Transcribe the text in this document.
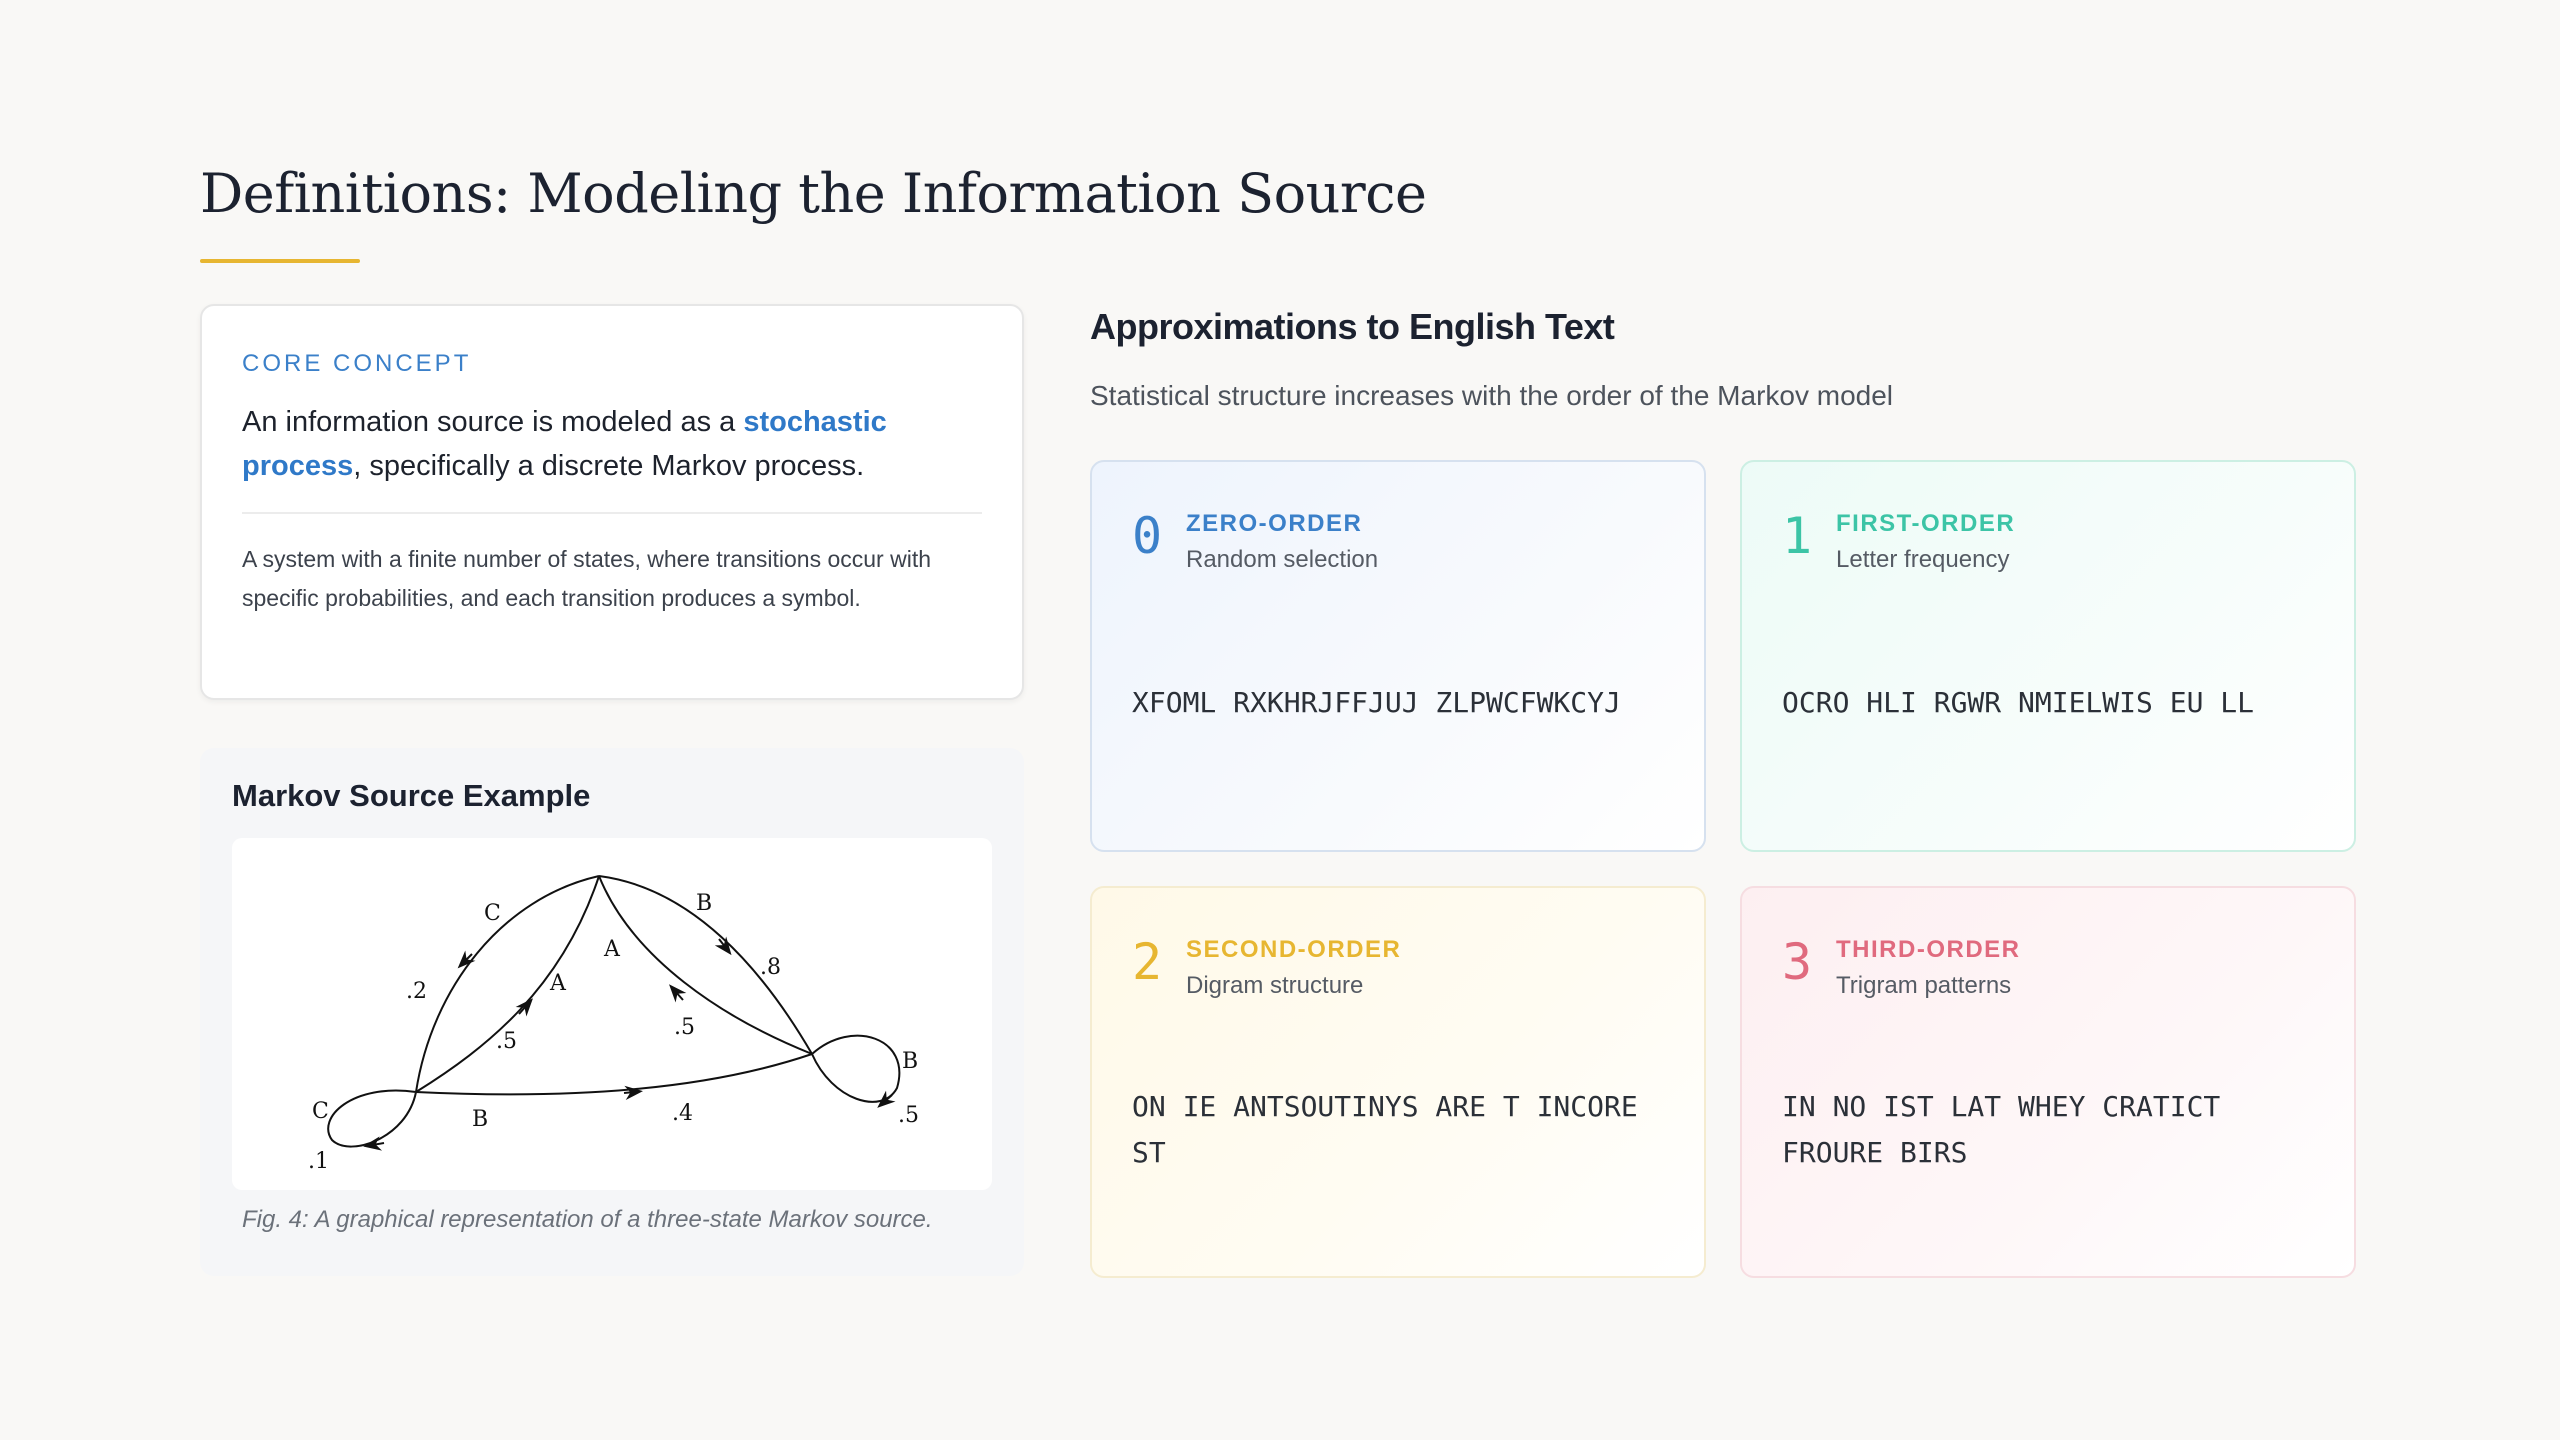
Definitions: Modeling the Information Source
CORE CONCEPT

An information source is modeled as a stochastic process, specifically a discrete Markov process.

A system with a finite number of states, where transitions occur with specific probabilities, and each transition produces a symbol.

Markov Source Example
C
.2	A
.5
B
.8
A
.5
C
.1
B	.4
B
.5

Fig. 4: A graphical representation of a three-state Markov source.

Approximations to English Text

Statistical structure increases with the order of the Markov model

0 ZERO-ORDER
Random selection

XFOML RXKHRJFFJUJ ZLPWCFWKCYJ

1 FIRST-ORDER
Letter frequency

OCRO HLI RGWR NMIELWIS EU LL

2 SECOND-ORDER
Digram structure

ON IE ANTSOUTINYS ARE T INCORE ST

3 THIRD-ORDER
Trigram patterns

IN NO IST LAT WHEY CRATICT FROURE BIRS
